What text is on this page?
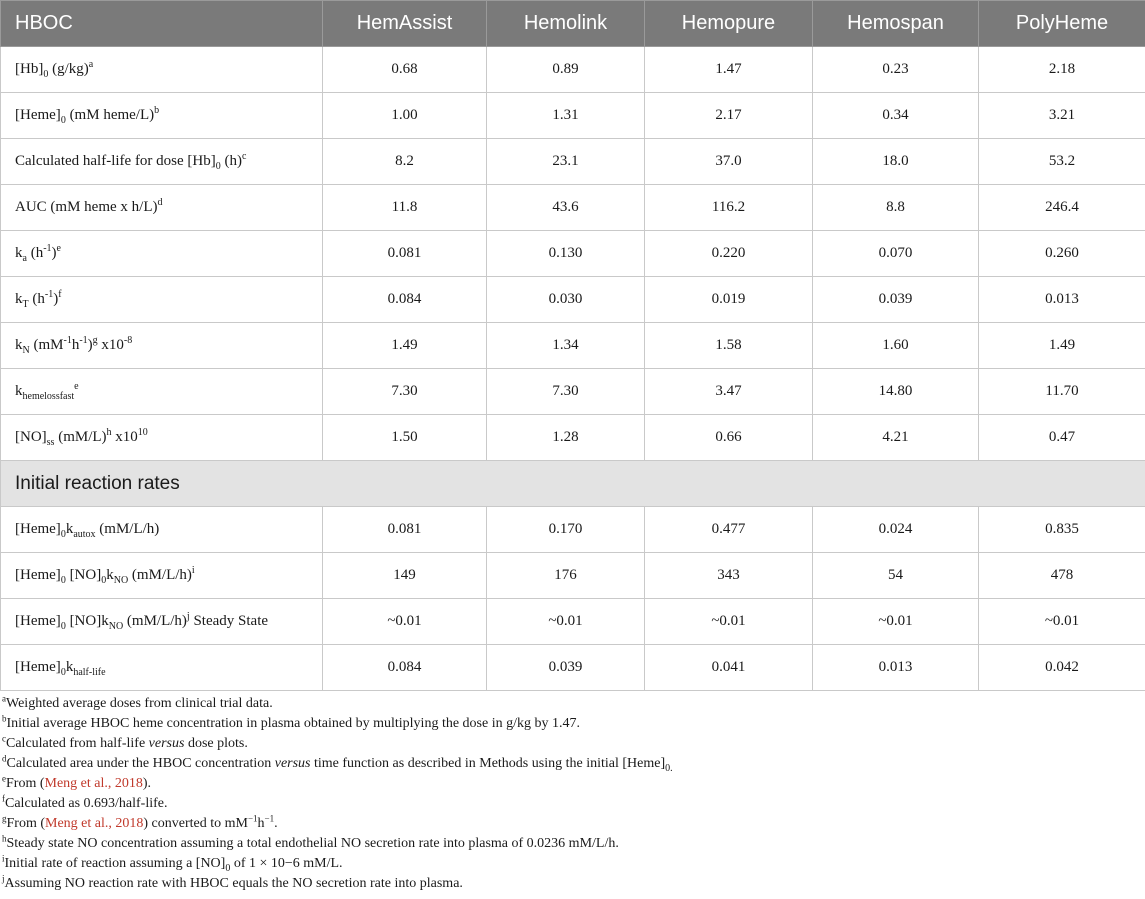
HBOC	HemAssist	Hemolink	Hemopure	Hemospan	PolyHeme
$[Hb]_0$ $(g/kg)^a$	0.68	0.89	1.47	0.23	2.18
$[Heme]_0$ (mM heme/L)$^b$	1.00	1.31	2.17	0.34	3.21
Calculated half-life for dose $[Hb]_0$ $(h)^c$	8.2	23.1	37.0	18.0	53.2
AUC (mM heme x h/L)$^d$	11.8	43.6	116.2	8.8	246.4
$k_a$ $(h^{-1})^e$	0.081	0.130	0.220	0.070	0.260
$k_T$ $(h^{-1})^f$	0.084	0.030	0.019	0.039	0.013
$k_N$ $(mM^{-1}h^{-1})^g$ $x10^{-8}$	1.49	1.34	1.58	1.60	1.49
$k_{hemelossfast}^e$	7.30	7.30	3.47	14.80	11.70
$[NO]_{ss}$ $(mM/L)^h$ $x10^{10}$	1.50	1.28	0.66	4.21	0.47
Initial reaction rates					
$[Heme]_0k_{autox}$ (mM/L/h)	0.081	0.170	0.477	0.024	0.835
$[Heme]_0$ $[NO]_0k_{NO}$ $(mM/L/h)^i$	149	176	343	54	478
$[Heme]_0$ $[NO]k_{NO}$ $(mM/L/h)^j$ Steady State	~0.01	~0.01	~0.01	~0.01	~0.01
$[Heme]_0k_{half-life}$	0.084	0.039	0.041	0.013	0.042
$^a$Weighted average doses from clinical trial data.
$^b$Initial average HBOC heme concentration in plasma obtained by multiplying the dose in g/kg by 1.47.
$^c$Calculated from half-life versus dose plots.
$^d$Calculated area under the HBOC concentration versus time function as described in Methods using the initial $[Heme]_{0.}$
$^e$From (Meng et al., 2018).
$^f$Calculated as 0.693/half-life.
$^g$From (Meng et al., 2018) converted to $mM^{-1}h^{-1}$.
$^h$Steady state NO concentration assuming a total endothelial NO secretion rate into plasma of 0.0236 mM/L/h.
$^i$Initial rate of reaction assuming a $[NO]_0$ of 1 × 10−6 mM/L.
$^j$Assuming NO reaction rate with HBOC equals the NO secretion rate into plasma.
